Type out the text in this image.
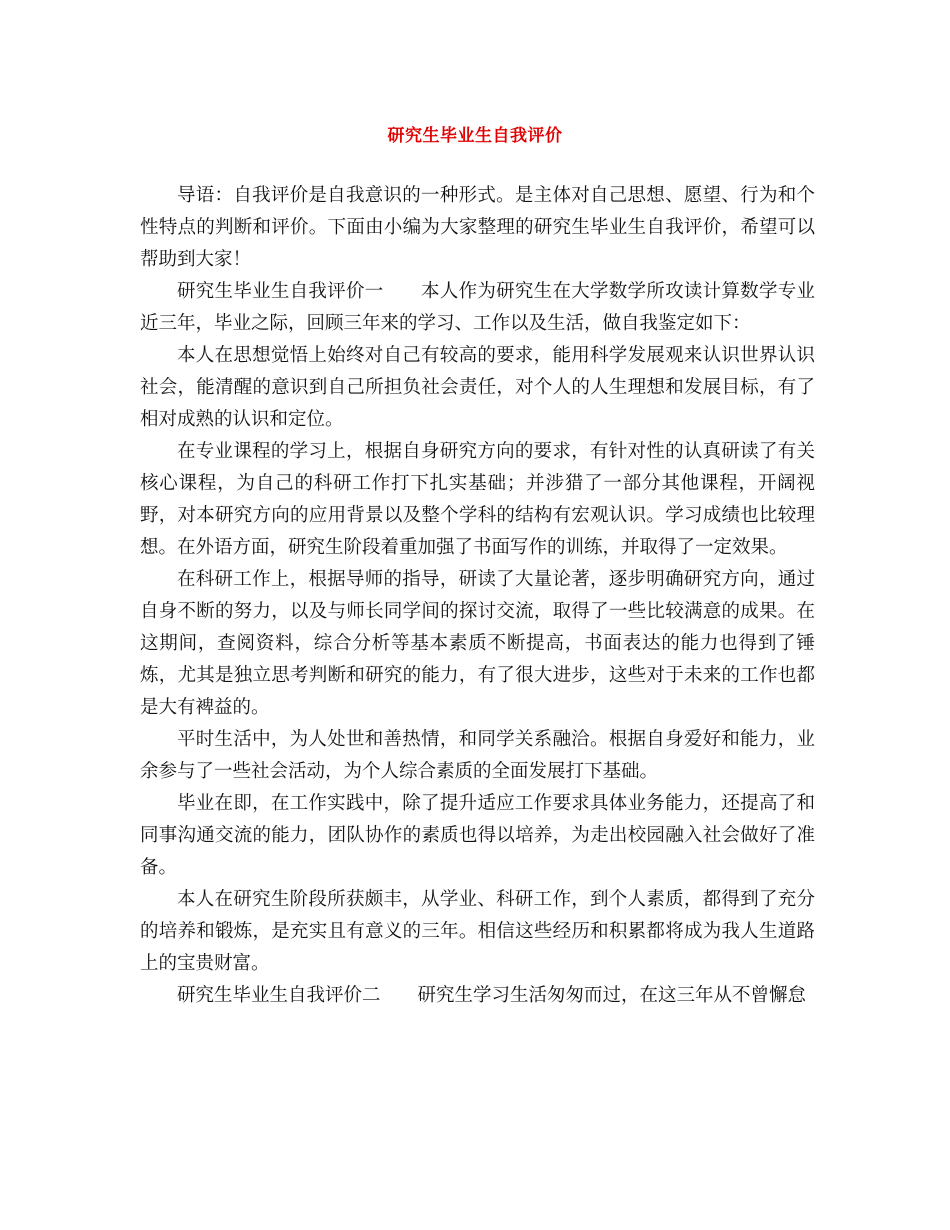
研究生毕业生自我评价

导语：自我评价是自我意识的一种形式。是主体对自己思想、愿望、行为和个性特点的判断和评价。下面由小编为大家整理的研究生毕业生自我评价，希望可以帮助到大家！

研究生毕业生自我评价一　　本人作为研究生在大学数学所攻读计算数学专业近三年，毕业之际，回顾三年来的学习、工作以及生活，做自我鉴定如下：

本人在思想觉悟上始终对自己有较高的要求，能用科学发展观来认识世界认识社会，能清醒的意识到自己所担负社会责任，对个人的人生理想和发展目标，有了相对成熟的认识和定位。

在专业课程的学习上，根据自身研究方向的要求，有针对性的认真研读了有关核心课程，为自己的科研工作打下扎实基础；并涉猎了一部分其他课程，开阔视野，对本研究方向的应用背景以及整个学科的结构有宏观认识。学习成绩也比较理想。在外语方面，研究生阶段着重加强了书面写作的训练，并取得了一定效果。

在科研工作上，根据导师的指导，研读了大量论著，逐步明确研究方向，通过自身不断的努力，以及与师长同学间的探讨交流，取得了一些比较满意的成果。在这期间，查阅资料，综合分析等基本素质不断提高，书面表达的能力也得到了锤炼，尤其是独立思考判断和研究的能力，有了很大进步，这些对于未来的工作也都是大有裨益的。

平时生活中，为人处世和善热情，和同学关系融洽。根据自身爱好和能力，业余参与了一些社会活动，为个人综合素质的全面发展打下基础。

毕业在即，在工作实践中，除了提升适应工作要求具体业务能力，还提高了和同事沟通交流的能力，团队协作的素质也得以培养，为走出校园融入社会做好了准备。

本人在研究生阶段所获颇丰，从学业、科研工作，到个人素质，都得到了充分的培养和锻炼，是充实且有意义的三年。相信这些经历和积累都将成为我人生道路上的宝贵财富。

研究生毕业生自我评价二　　研究生学习生活匆匆而过，在这三年从不曾懈怠
